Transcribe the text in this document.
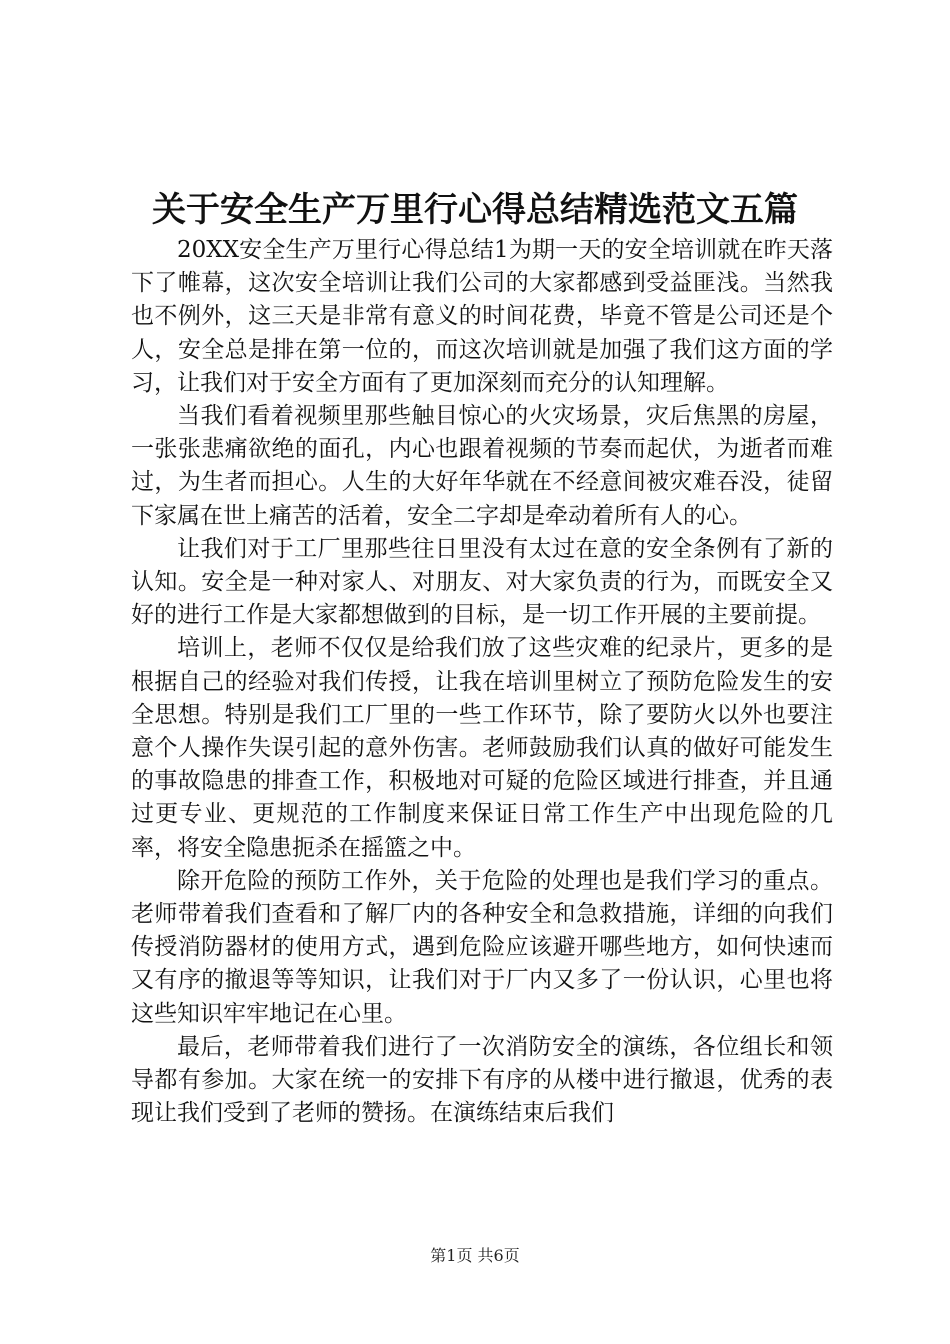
关于安全生产万里行心得总结精选范文五篇

20XX安全生产万里行心得总结1为期一天的安全培训就在昨天落下了帷幕，这次安全培训让我们公司的大家都感到受益匪浅。当然我也不例外，这三天是非常有意义的时间花费，毕竟不管是公司还是个人，安全总是排在第一位的，而这次培训就是加强了我们这方面的学习，让我们对于安全方面有了更加深刻而充分的认知理解。

当我们看着视频里那些触目惊心的火灾场景，灾后焦黑的房屋，一张张悲痛欲绝的面孔，内心也跟着视频的节奏而起伏，为逝者而难过，为生者而担心。人生的大好年华就在不经意间被灾难吞没，徒留下家属在世上痛苦的活着，安全二字却是牵动着所有人的心。

让我们对于工厂里那些往日里没有太过在意的安全条例有了新的认知。安全是一种对家人、对朋友、对大家负责的行为，而既安全又好的进行工作是大家都想做到的目标，是一切工作开展的主要前提。

培训上，老师不仅仅是给我们放了这些灾难的纪录片，更多的是根据自己的经验对我们传授，让我在培训里树立了预防危险发生的安全思想。特别是我们工厂里的一些工作环节，除了要防火以外也要注意个人操作失误引起的意外伤害。老师鼓励我们认真的做好可能发生的事故隐患的排查工作，积极地对可疑的危险区域进行排查，并且通过更专业、更规范的工作制度来保证日常工作生产中出现危险的几率，将安全隐患扼杀在摇篮之中。

除开危险的预防工作外，关于危险的处理也是我们学习的重点。老师带着我们查看和了解厂内的各种安全和急救措施，详细的向我们传授消防器材的使用方式，遇到危险应该避开哪些地方，如何快速而又有序的撤退等等知识，让我们对于厂内又多了一份认识，心里也将这些知识牢牢地记在心里。

最后，老师带着我们进行了一次消防安全的演练，各位组长和领导都有参加。大家在统一的安排下有序的从楼中进行撤退，优秀的表现让我们受到了老师的赞扬。在演练结束后我们

第1页 共6页
